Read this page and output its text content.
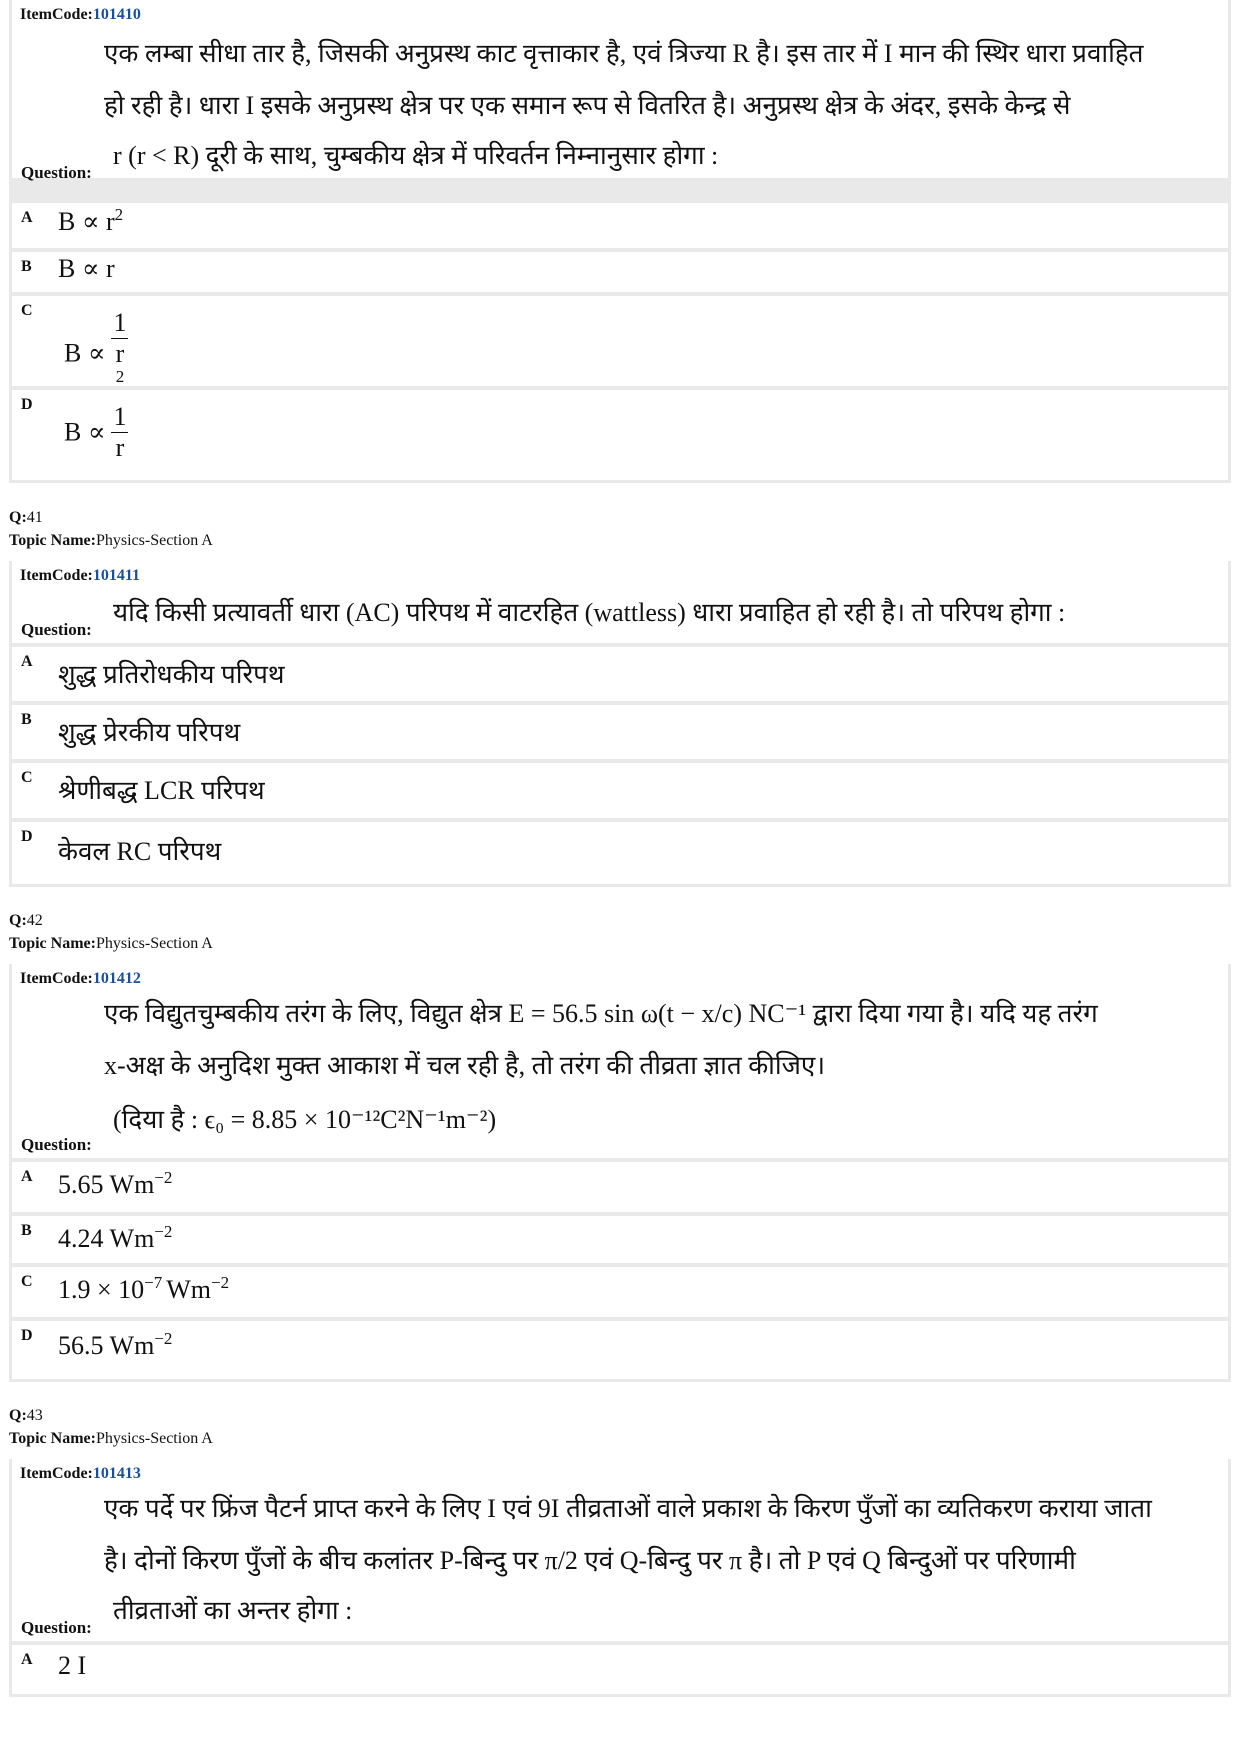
ItemCode:101410
एक लम्बा सीधा तार है, जिसकी अनुप्रस्थ काट वृत्ताकार है, एवं त्रिज्या R है। इस तार में I मान की स्थिर धारा प्रवाहित
हो रही है। धारा I इसके अनुप्रस्थ क्षेत्र पर एक समान रूप से वितरित है। अनुप्रस्थ क्षेत्र के अंदर, इसके केन्द्र से
Question:
r (r < R) दूरी के साथ, चुम्बकीय क्षेत्र में परिवर्तन निम्नानुसार होगा :
A $B \propto r^2$
B B ∝ r
C
B ∝ 1
r
$^2$
D
$B \propto \frac{1}{r}$
Q:41
Topic Name:Physics-Section A
ItemCode:101411
Question:
यदि किसी प्रत्यावर्ती धारा (AC) परिपथ में वाटरहित (wattless) धारा प्रवाहित हो रही है। तो परिपथ होगा :
A शुद्ध प्रतिरोधकीय परिपथ
B शुद्ध प्रेरकीय परिपथ
C श्रेणीबद्ध LCR परिपथ
D
केवल RC परिपथ
Q:42
Topic Name:Physics-Section A
ItemCode:101412
एक विद्युतचुम्बकीय तरंग के लिए, विद्युत क्षेत्र E = 56.5 sin ω(t − x/c) NC⁻¹ द्वारा दिया गया है। यदि यह तरंग
x-अक्ष के अनुदिश मुक्त आकाश में चल रही है, तो तरंग की तीव्रता ज्ञात कीजिए।
Question:
(दिया है : ϵ₀ = 8.85 × 10⁻¹²C²N⁻¹m⁻²)
A 5.65 $Wm^{-2}$
B 4.24 $Wm^{-2}$
C $1.9 \times 10^{-7}$ $Wm^{-2}$
D 56.5 $Wm^{-2}$
Q:43
Topic Name:Physics-Section A
ItemCode:101413
एक पर्दे पर फ्रिंज पैटर्न प्राप्त करने के लिए I एवं 9I तीव्रताओं वाले प्रकाश के किरण पुँजों का व्यतिकरण कराया जाता
है। दोनों किरण पुँजों के बीच कलांतर P-बिन्दु पर π/2 एवं Q-बिन्दु पर π है। तो P एवं Q बिन्दुओं पर परिणामी
Question:
तीव्रताओं का अन्तर होगा :
A 2 I
